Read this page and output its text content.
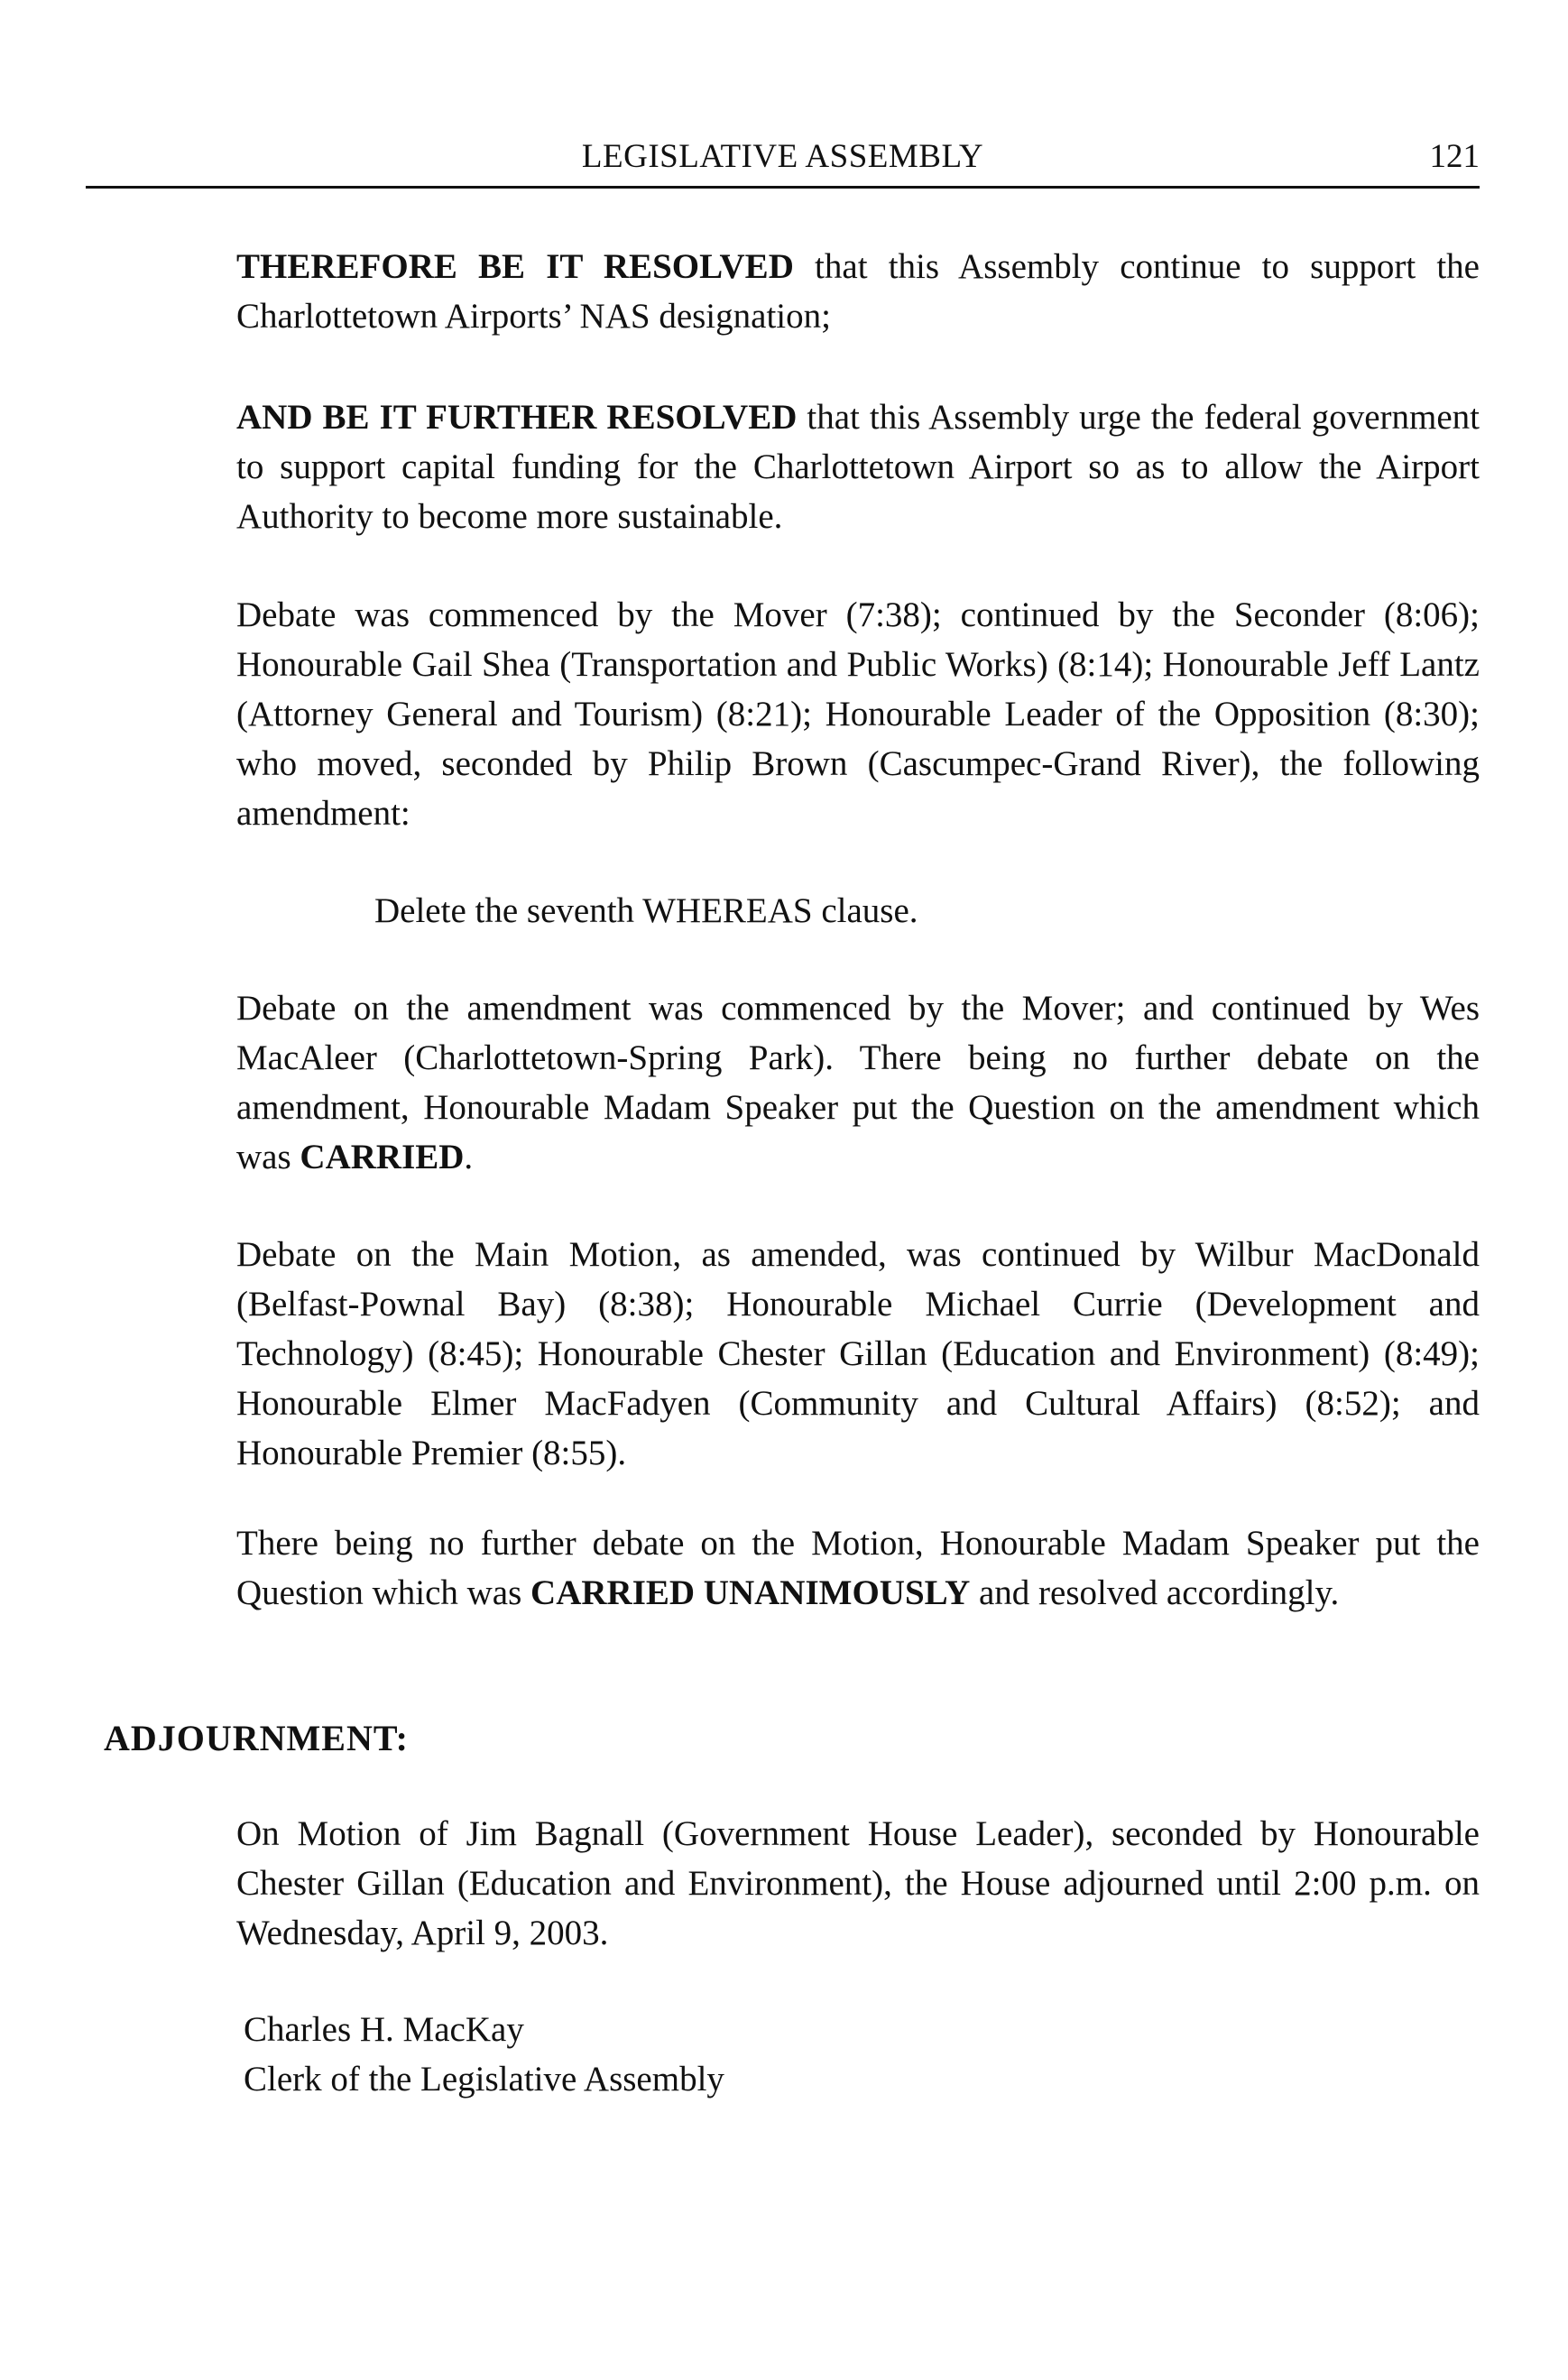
LEGISLATIVE ASSEMBLY	121

THEREFORE BE IT RESOLVED that this Assembly continue to support the Charlottetown Airports’ NAS designation;

AND BE IT FURTHER RESOLVED that this Assembly urge the federal government to support capital funding for the Charlottetown Airport so as to allow the Airport Authority to become more sustainable.

Debate was commenced by the Mover (7:38); continued by the Seconder (8:06); Honourable Gail Shea (Transportation and Public Works) (8:14); Honourable Jeff Lantz (Attorney General and Tourism) (8:21); Honourable Leader of the Opposition (8:30); who moved, seconded by Philip Brown (Cascumpec-Grand River), the following amendment:

Delete the seventh WHEREAS clause.

Debate on the amendment was commenced by the Mover; and continued by Wes MacAleer (Charlottetown-Spring Park). There being no further debate on the amendment, Honourable Madam Speaker put the Question on the amendment which was CARRIED.

Debate on the Main Motion, as amended, was continued by Wilbur MacDonald (Belfast-Pownal Bay) (8:38); Honourable Michael Currie (Development and Technology) (8:45); Honourable Chester Gillan (Education and Environment) (8:49); Honourable Elmer MacFadyen (Community and Cultural Affairs) (8:52); and Honourable Premier (8:55).

There being no further debate on the Motion, Honourable Madam Speaker put the Question which was CARRIED UNANIMOUSLY and resolved accordingly.

ADJOURNMENT:

On Motion of Jim Bagnall (Government House Leader), seconded by Honourable Chester Gillan (Education and Environment), the House adjourned until 2:00 p.m. on Wednesday, April 9, 2003.

Charles H. MacKay

Clerk of the Legislative Assembly
